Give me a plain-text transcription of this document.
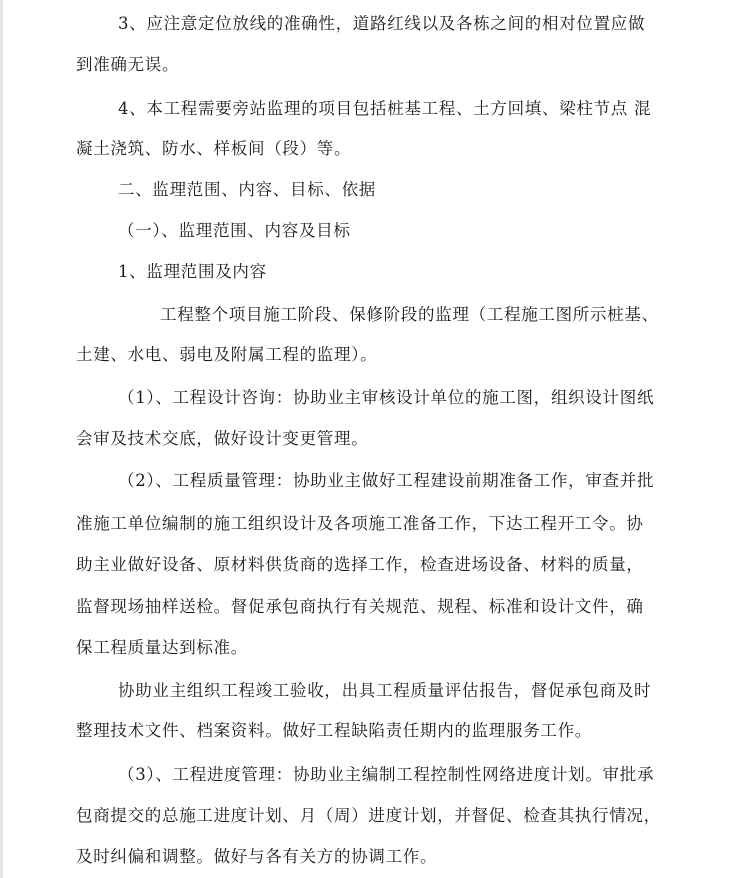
3、应注意定位放线的准确性，道路红线以及各栋之间的相对位置应做
到准确无误。
4、本工程需要旁站监理的项目包括桩基工程、土方回填、梁柱节点 混
凝土浇筑、防水、样板间（段）等。
二、监理范围、内容、目标、依据
（一）、监理范围、内容及目标
1、监理范围及内容
工程整个项目施工阶段、保修阶段的监理（工程施工图所示桩基、
土建、水电、弱电及附属工程的监理）。
（1）、工程设计咨询：协助业主审核设计单位的施工图，组织设计图纸
会审及技术交底，做好设计变更管理。
（2）、工程质量管理：协助业主做好工程建设前期准备工作，审查并批
准施工单位编制的施工组织设计及各项施工准备工作，下达工程开工令。协
助主业做好设备、原材料供货商的选择工作，检查进场设备、材料的质量，
监督现场抽样送检。督促承包商执行有关规范、规程、标准和设计文件，确
保工程质量达到标准。
协助业主组织工程竣工验收，出具工程质量评估报告，督促承包商及时
整理技术文件、档案资料。做好工程缺陷责任期内的监理服务工作。
（3）、工程进度管理：协助业主编制工程控制性网络进度计划。审批承
包商提交的总施工进度计划、月（周）进度计划，并督促、检查其执行情况，
及时纠偏和调整。做好与各有关方的协调工作。
